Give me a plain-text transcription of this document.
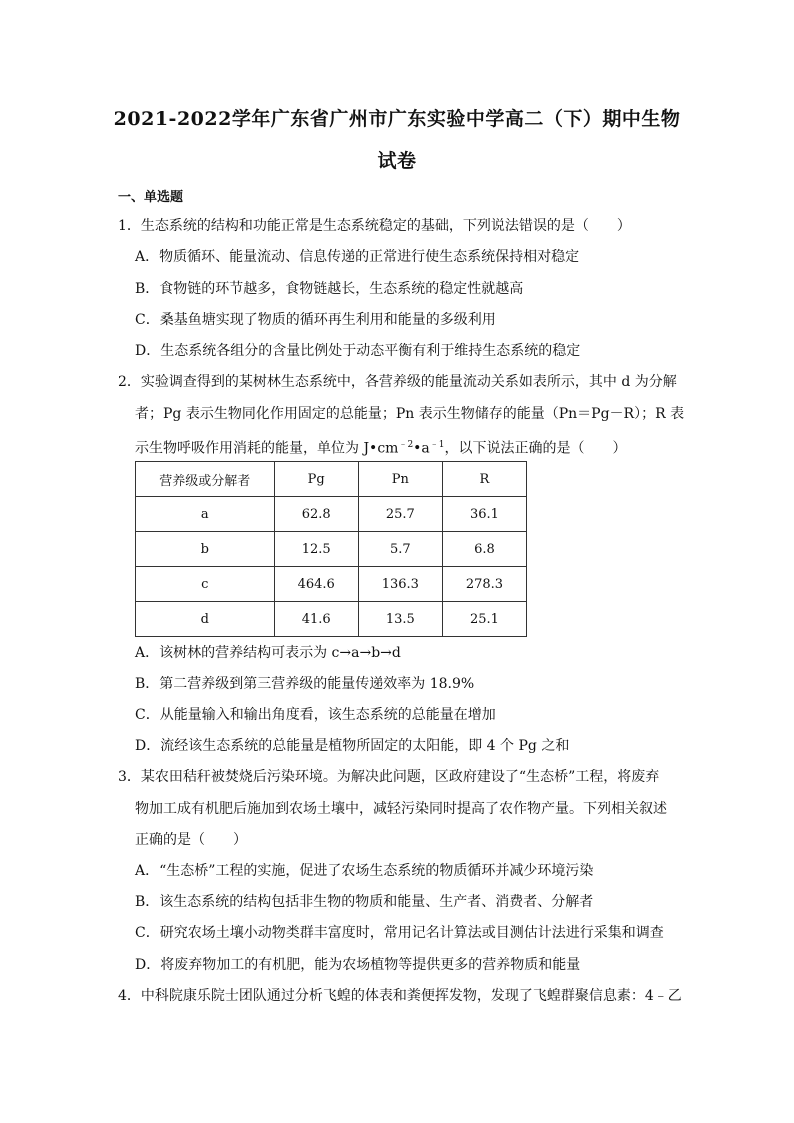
2021-2022学年广东省广州市广东实验中学高二（下）期中生物
试卷
一、单选题
1．生态系统的结构和功能正常是生态系统稳定的基础，下列说法错误的是（　　）
A．物质循环、能量流动、信息传递的正常进行使生态系统保持相对稳定
B．食物链的环节越多，食物链越长，生态系统的稳定性就越高
C．桑基鱼塘实现了物质的循环再生利用和能量的多级利用
D．生态系统各组分的含量比例处于动态平衡有利于维持生态系统的稳定
2．实验调查得到的某树林生态系统中，各营养级的能量流动关系如表所示，其中 d 为分解
者；Pg 表示生物同化作用固定的总能量；Pn 表示生物储存的能量（Pn＝Pg－R）；R 表
示生物呼吸作用消耗的能量，单位为 $J•cm^{﹣2}•a^{﹣1}$，以下说法正确的是（　　）
营养级或分解者	Pg	Pn	R
a	62.8	25.7	36.1
b	12.5	5.7	6.8
c	464.6	136.3	278.3
d	41.6	13.5	25.1
A．该树林的营养结构可表示为 c→a→b→d
B．第二营养级到第三营养级的能量传递效率为 18.9%
C．从能量输入和输出角度看，该生态系统的总能量在增加
D．流经该生态系统的总能量是植物所固定的太阳能，即 4 个 Pg 之和
3．某农田秸秆被焚烧后污染环境。为解决此问题，区政府建设了“生态桥”工程，将废弃
物加工成有机肥后施加到农场土壤中，减轻污染同时提高了农作物产量。下列相关叙述
正确的是（　　）
A．“生态桥”工程的实施，促进了农场生态系统的物质循环并减少环境污染
B．该生态系统的结构包括非生物的物质和能量、生产者、消费者、分解者
C．研究农场土壤小动物类群丰富度时，常用记名计算法或目测估计法进行采集和调查
D．将废弃物加工的有机肥，能为农场植物等提供更多的营养物质和能量
4．中科院康乐院士团队通过分析飞蝗的体表和粪便挥发物，发现了飞蝗群聚信息素：4﹣乙
